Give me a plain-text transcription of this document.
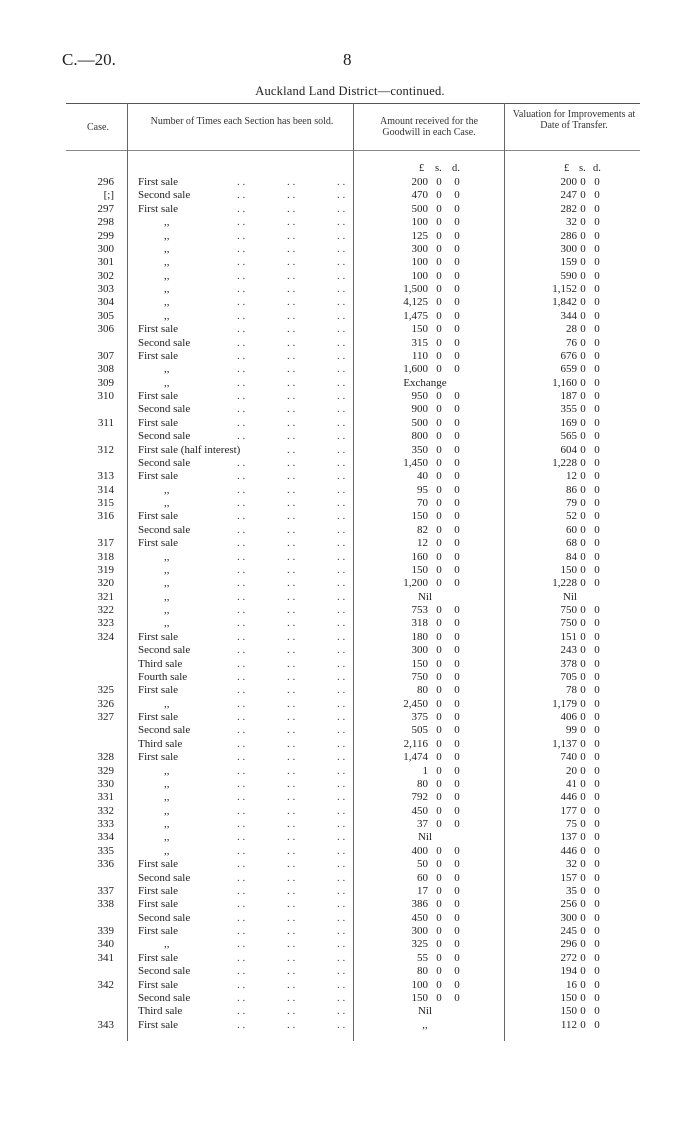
C.—20.	8
Auckland Land District—continued.
Case.
Number of Times each Section has been sold.	Amount received for the Goodwill in each Case.
Valuation for Improvements at Date of Transfer.
£ s. d.	£ s. d.
296 First sale	. .	. .	. .	200 0 0	200 0 0
[;] Second sale	. .	. .	. .	470 0 0	247 0 0
297 First sale	. .	. .	. .	500 0 0	282 0 0
298	,,	. .	. .	. .	100 0 0	32 0 0
299	,,	. .	. .	. .	125 0 0	286 0 0
300	,,	. .	. .	. .	300 0 0	300 0 0
301	,,	. .	. .	. .	100 0 0	159 0 0
302	,,	. .	. .	. .	100 0 0	590 0 0
303	,,	. .	. .	. .	1,500 0 0	1,152 0 0
304	,,	. .	. .	. .	4,125 0 0	1,842 0 0
305	,,	. .	. .	. .	1,475 0 0	344 0 0
306 First sale	. .	. .	. .	150 0 0	28 0 0
Second sale	. .	. .	. .	315 0 0	76 0 0
307 First sale	. .	. .	. .	110 0 0	676 0 0
308	,,	. .	. .	. .	1,600 0 0	659 0 0
309	,,	. .	. .	. .	Exchange	1,160 0 0
310 First sale	. .	. .	. .	950 0 0	187 0 0
Second sale	. .	. .	. .	900 0 0	355 0 0
311 First sale	. .	. .	. .	500 0 0	169 0 0
Second sale	. .	. .	. .	800 0 0	565 0 0
312 First sale (half interest)	. .	. .	350 0 0	604 0 0
Second sale	. .	. .	. .	1,450 0 0	1,228 0 0
313 First sale	. .	. .	. .	40 0 0	12 0 0
314	,,	. .	. .	. .	95 0 0	86 0 0
315	,,	. .	. .	. .	70 0 0	79 0 0
316 First sale	. .	. .	. .	150 0 0	52 0 0
Second sale	. .	. .	. .	82 0 0	60 0 0
317 First sale	. .	. .	. .	12 0 0	68 0 0
318	,,	. .	. .	. .	160 0 0	84 0 0
319	,,	. .	. .	. .	150 0 0	150 0 0
320	,,	. .	. .	. .	1,200 0 0	1,228 0 0
321	,,	. .	. .	. .	Nil	Nil
322	,,	. .	. .	. .	753 0 0	750 0 0
323	,,	. .	. .	. .	318 0 0	750 0 0
324 First sale	. .	. .	. .	180 0 0	151 0 0
Second sale	. .	. .	. .	300 0 0	243 0 0
Third sale	. .	. .	. .	150 0 0	378 0 0
Fourth sale	. .	. .	. .	750 0 0	705 0 0
325 First sale	. .	. .	. .	80 0 0	78 0 0
326	,,	. .	. .	. .	2,450 0 0	1,179 0 0
327 First sale	. .	. .	. .	375 0 0	406 0 0
Second sale	. .	. .	. .	505 0 0	99 0 0
Third sale	. .	. .	. .	2,116 0 0	1,137 0 0
328 First sale	. .	. .	. .	1,474 0 0	740 0 0
329	,,	. .	. .	. .	1 0 0	20 0 0
330	,,	. .	. .	. .	80 0 0	41 0 0
331	,,	. .	. .	. .	792 0 0	446 0 0
332	,,	. .	. .	. .	450 0 0	177 0 0
333	,,	. .	. .	. .	37 0 0	75 0 0
334	,,	. .	. .	. .	Nil	137 0 0
335	,,	. .	. .	. .	400 0 0	446 0 0
336 First sale	. .	. .	. .	50 0 0	32 0 0
Second sale	. .	. .	. .	60 0 0	157 0 0
337 First sale	. .	. .	. .	17 0 0	35 0 0
338 First sale	. .	. .	. .	386 0 0	256 0 0
Second sale	. .	. .	. .	450 0 0	300 0 0
339 First sale	. .	. .	. .	300 0 0	245 0 0
340	,,	. .	. .	. .	325 0 0	296 0 0
341 First sale	. .	. .	. .	55 0 0	272 0 0
Second sale	. .	. .	. .	80 0 0	194 0 0
342 First sale	. .	. .	. .	100 0 0	16 0 0
Second sale	. .	. .	. .	150 0 0	150 0 0
Third sale	. .	. .	. .	Nil	150 0 0
343 First sale	. .	. .	. .	,,	112 0 0
